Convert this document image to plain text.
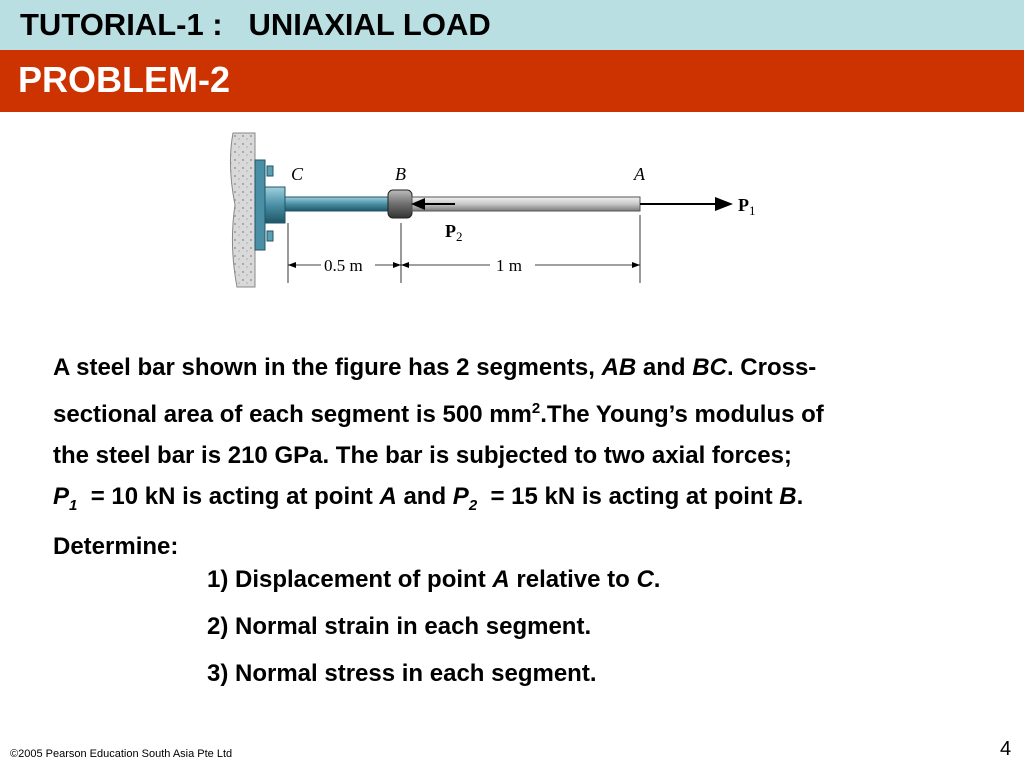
TUTORIAL-1 :   UNIAXIAL LOAD
PROBLEM-2
C	B	A
$P_1$
$P_2$
0.5 m	1 m

A steel bar shown in the figure has 2 segments, AB and BC. Cross-

sectional area of each segment is 500 $mm^2.The$ Young’s modulus of

the steel bar is 210 GPa. The bar is subjected to two axial forces;

$P_1 = 10$ kN is acting at point A and $P_2 = 15$ kN is acting at point B.

Determine:

1) Displacement of point A relative to C.
2) Normal strain in each segment.
3) Normal stress in each segment.
©2005 Pearson Education South Asia Pte Ltd	4
